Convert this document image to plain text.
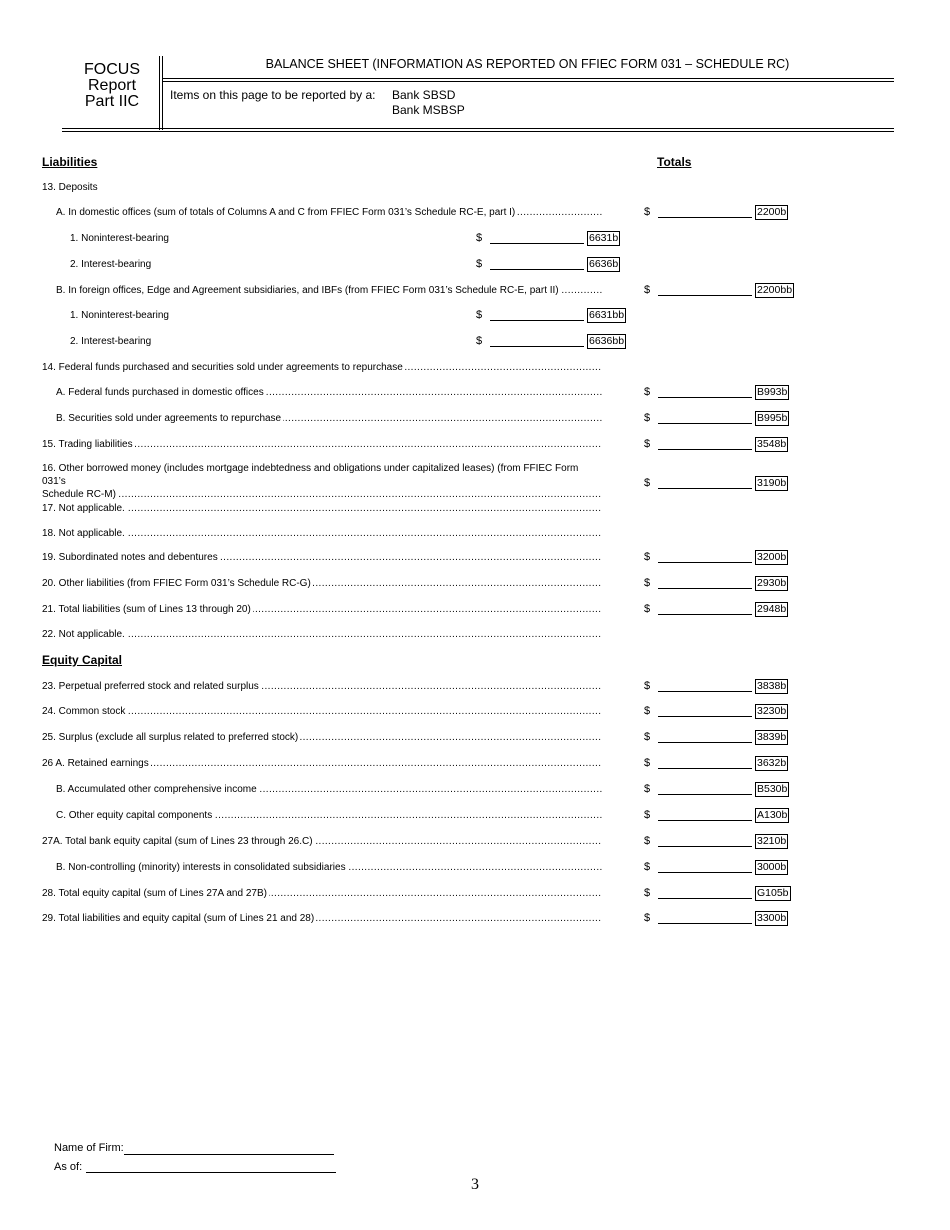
FOCUS
Report
Part IIC
BALANCE SHEET (INFORMATION AS REPORTED ON FFIEC FORM 031 – SCHEDULE RC)
Items on this page to be reported by a: Bank SBSD
Bank MSBSP
Liabilities	Totals
Equity Capital
13. Deposits
A. In domestic offices (sum of totals of Columns A and C from FFIEC Form 031’s Schedule RC-E, part I) .....	$	2200b
1. Noninterest-bearing	$	6631b
2. Interest-bearing	$	6636b
B. In foreign offices, Edge and Agreement subsidiaries, and IBFs (from FFIEC Form 031’s Schedule RC-E, part II) .....	$	2200bb
1. Noninterest-bearing	$	6631bb
2. Interest-bearing	$	6636bb
14. Federal funds purchased and securities sold under agreements to repurchase .....
A. Federal funds purchased in domestic offices .....	$	B993b
B. Securities sold under agreements to repurchase .....	$	B995b
15. Trading liabilities .....	$	3548b
16. Other borrowed money (includes mortgage indebtedness and obligations under capitalized leases) (from FFIEC Form 031’s
Schedule RC-M) .....
$	3190b
17. Not applicable. .....
18. Not applicable. .....
19. Subordinated notes and debentures .....	$	3200b
20. Other liabilities (from FFIEC Form 031’s Schedule RC-G) .....	$	2930b
21. Total liabilities (sum of Lines 13 through 20) .....	$	2948b
22. Not applicable. .....
23. Perpetual preferred stock and related surplus .....	$	3838b
24. Common stock .....	$	3230b
25. Surplus (exclude all surplus related to preferred stock) .....	$	3839b
26 A. Retained earnings .....	$	3632b
B. Accumulated other comprehensive income .....	$	B530b
C. Other equity capital components .....	$	A130b
27A. Total bank equity capital (sum of Lines 23 through 26.C) .....	$	3210b
B. Non-controlling (minority) interests in consolidated subsidiaries .....	$	3000b
28. Total equity capital (sum of Lines 27A and 27B) .....	$	G105b
29. Total liabilities and equity capital (sum of Lines 21 and 28) .....	$	3300b
Name of Firm:
As of:
3
